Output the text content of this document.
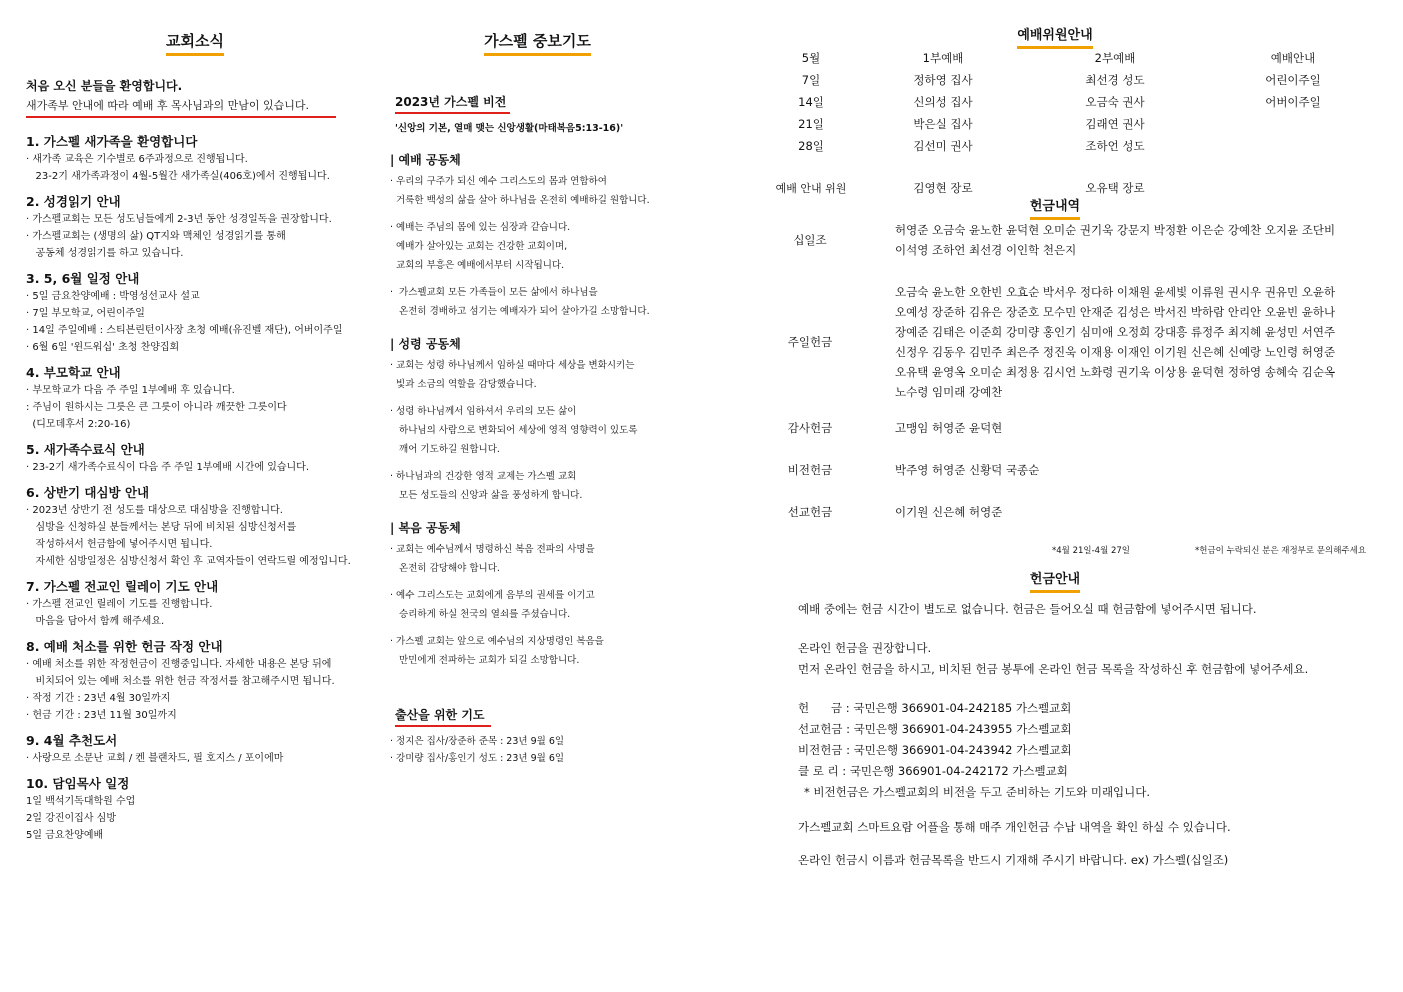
교회소식
처음 오신 분들을 환영합니다.
새가족부 안내에 따라 예배 후 목사님과의 만남이 있습니다.
1. 가스펠 새가족을 환영합니다
· 새가족 교육은 기수별로 6주과정으로 진행됩니다.
23-2기 새가족과정이 4월-5월간 새가족실(406호)에서 진행됩니다.
2. 성경읽기 안내
· 가스펠교회는 모든 성도님들에게 2-3년 동안 성경일독을 권장합니다.
· 가스펠교회는 (생명의 삶) QT지와 맥체인 성경읽기를 통해
공동체 성경읽기를 하고 있습니다.
3. 5, 6월 일정 안내
· 5일 금요찬양예배 : 박영성선교사 설교
· 7일 부모학교, 어린이주일
· 14일 주일예배 : 스티븐린턴이사장 초청 예배(유진벨 재단), 어버이주일
· 6월 6일 '윈드워십' 초청 찬양집회
4. 부모학교 안내
· 부모학교가 다음 주 주일 1부예배 후 있습니다.
: 주님이 원하시는 그릇은 큰 그릇이 아니라 깨끗한 그릇이다
(디모데후서 2:20-16)
5. 새가족수료식 안내
· 23-2기 새가족수료식이 다음 주 주일 1부예배 시간에 있습니다.
6. 상반기 대심방 안내
· 2023년 상반기 전 성도를 대상으로 대심방을 진행합니다.
심방을 신청하실 분들께서는 본당 뒤에 비치된 심방신청서를
작성하셔서 헌금함에 넣어주시면 됩니다.
자세한 심방일정은 심방신청서 확인 후 교역자들이 연락드릴 예정입니다.
7. 가스펠 전교인 릴레이 기도 안내
· 가스펠 전교인 릴레이 기도를 진행합니다.
마음을 담아서 함께 해주세요.
8. 예배 처소를 위한 헌금 작정 안내
· 예배 처소를 위한 작정헌금이 진행중입니다. 자세한 내용은 본당 뒤에
비치되어 있는 예배 처소를 위한 헌금 작정서를 참고해주시면 됩니다.
· 작정 기간 : 23년 4월 30일까지
· 헌금 기간 : 23년 11월 30일까지
9. 4월 추천도서
· 사랑으로 소문난 교회 / 켄 블랜차드, 필 호지스 / 포이에마
10. 담임목사 일정
1일 백석기독대학원 수업
2일 강진이집사 심방
5일 금요찬양예배
가스펠 중보기도
2023년 가스펠 비전
'신앙의 기본, 열매 맺는 신앙생활(마태복음5:13-16)'
| 예배 공동체
· 우리의 구주가 되신 예수 그리스도의 몸과 연합하여
거룩한 백성의 삶을 살아 하나님을 온전히 예배하길 원합니다.
· 예배는 주님의 몸에 있는 심장과 같습니다.
예배가 살아있는 교회는 건강한 교회이며,
교회의 부흥은 예배에서부터 시작됩니다.
·  가스펠교회 모든 가족들이 모든 삶에서 하나님을
온전히 경배하고 섬기는 예배자가 되어 살아가길 소망합니다.
| 성령 공동체
· 교회는 성령 하나님께서 임하실 때마다 세상을 변화시키는
빛과 소금의 역할을 감당했습니다.
· 성령 하나님께서 임하셔서 우리의 모든 삶이
하나님의 사람으로 변화되어 세상에 영적 영향력이 있도록
깨어 기도하길 원합니다.
· 하나님과의 건강한 영적 교제는 가스펠 교회
모든 성도들의 신앙과 삶을 풍성하게 합니다.
| 복음 공동체
· 교회는 예수님께서 명령하신 복음 전파의 사명을
온전히 감당해야 합니다.
· 예수 그리스도는 교회에게 음부의 권세를 이기고
승리하게 하실 천국의 열쇠를 주셨습니다.
· 가스펠 교회는 앞으로 예수님의 지상명령인 복음을
만민에게 전파하는 교회가 되길 소망합니다.
출산을 위한 기도
· 정지은 집사/장준하 준목 : 23년 9월 6일
· 강미량 집사/홍인기 성도 : 23년 9월 6일
예배위원안내
5월	1부예배	2부예배	예배안내
7일	정하영 집사	최선경 성도	어린이주일
14일	신의성 집사	오금숙 권사	어버이주일
21일	박은실 집사	김래연 권사	
28일	김선미 권사	조하언 성도	

예배 안내 위원	김영현 장로	오유택 장로	
헌금내역
십일조
허영준 오금숙 윤노한 윤덕현 오미순 권기욱 강문지 박정환 이은순 강예찬 오지윤 조단비
이석영 조하언 최선경 이인학 천은지
주일헌금
오금숙 윤노한 오한빈 오효순 박서우 정다하 이채원 윤세빛 이류원 권시우 권유민 오윤하
오예성 장준하 김유은 장준호 모수민 안재준 김성은 박서진 박하람 안리안 오윤빈 윤하나
장예준 김태은 이준희 강미량 홍인기 심미애 오정희 강대흥 류정주 최지혜 윤성민 서연주
신정우 김동우 김민주 최은주 정진욱 이재용 이재인 이기원 신은혜 신예랑 노인령 허영준
오유택 윤영옥 오미순 최정용 김시언 노화령 권기욱 이상용 윤덕현 정하영 송혜숙 김순옥
노수령 임미래 강예찬
감사헌금	고맹임 허영준 윤덕현
비전헌금	박주영 허영준 신황덕 국종순
선교헌금	이기원 신은혜 허영준
*4월 21일-4월 27일	*헌금이 누락되신 분은 재정부로 문의해주세요
헌금안내
예배 중에는 헌금 시간이 별도로 없습니다. 헌금은 들어오실 때 헌금함에 넣어주시면 됩니다.
온라인 헌금을 권장합니다.
먼저 온라인 헌금을 하시고, 비치된 헌금 봉투에 온라인 헌금 목록을 작성하신 후 헌금함에 넣어주세요.
헌      금 : 국민은행 366901-04-242185 가스펠교회
선교헌금 : 국민은행 366901-04-243955 가스펠교회
비전헌금 : 국민은행 366901-04-243942 가스펠교회
클 로 리 : 국민은행 366901-04-242172 가스펠교회
* 비전헌금은 가스펠교회의 비전을 두고 준비하는 기도와 미래입니다.
가스펠교회 스마트요람 어플을 통해 매주 개인헌금 수납 내역을 확인 하실 수 있습니다.
온라인 헌금시 이름과 헌금목록을 반드시 기재해 주시기 바랍니다. ex) 가스펠(십일조)
